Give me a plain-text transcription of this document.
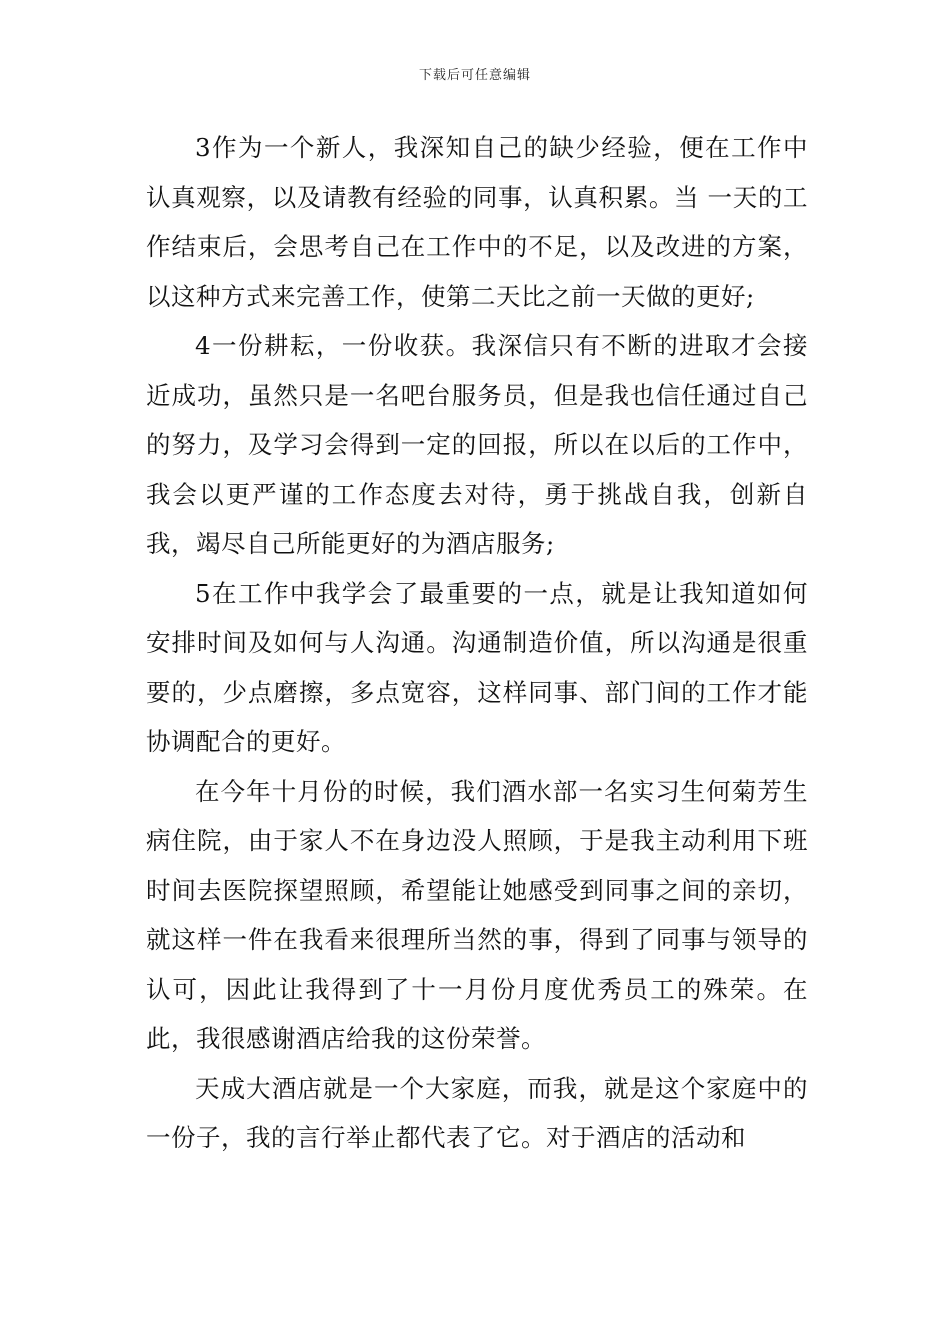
下载后可任意编辑

3作为一个新人，我深知自己的缺少经验，便在工作中认真观察，以及请教有经验的同事，认真积累。当 一天的工作结束后，会思考自己在工作中的不足，以及改进的方案，以这种方式来完善工作，使第二天比之前一天做的更好;

4一份耕耘，一份收获。我深信只有不断的进取才会接近成功，虽然只是一名吧台服务员，但是我也信任通过自己的努力，及学习会得到一定的回报，所以在以后的工作中，我会以更严谨的工作态度去对待，勇于挑战自我，创新自我，竭尽自己所能更好的为酒店服务;

5在工作中我学会了最重要的一点，就是让我知道如何安排时间及如何与人沟通。沟通制造价值，所以沟通是很重要的，少点磨擦，多点宽容，这样同事、部门间的工作才能协调配合的更好。

在今年十月份的时候，我们酒水部一名实习生何菊芳生病住院，由于家人不在身边没人照顾，于是我主动利用下班时间去医院探望照顾，希望能让她感受到同事之间的亲切，就这样一件在我看来很理所当然的事，得到了同事与领导的认可，因此让我得到了十一月份月度优秀员工的殊荣。在此，我很感谢酒店给我的这份荣誉。

天成大酒店就是一个大家庭，而我，就是这个家庭中的一份子，我的言行举止都代表了它。对于酒店的活动和
